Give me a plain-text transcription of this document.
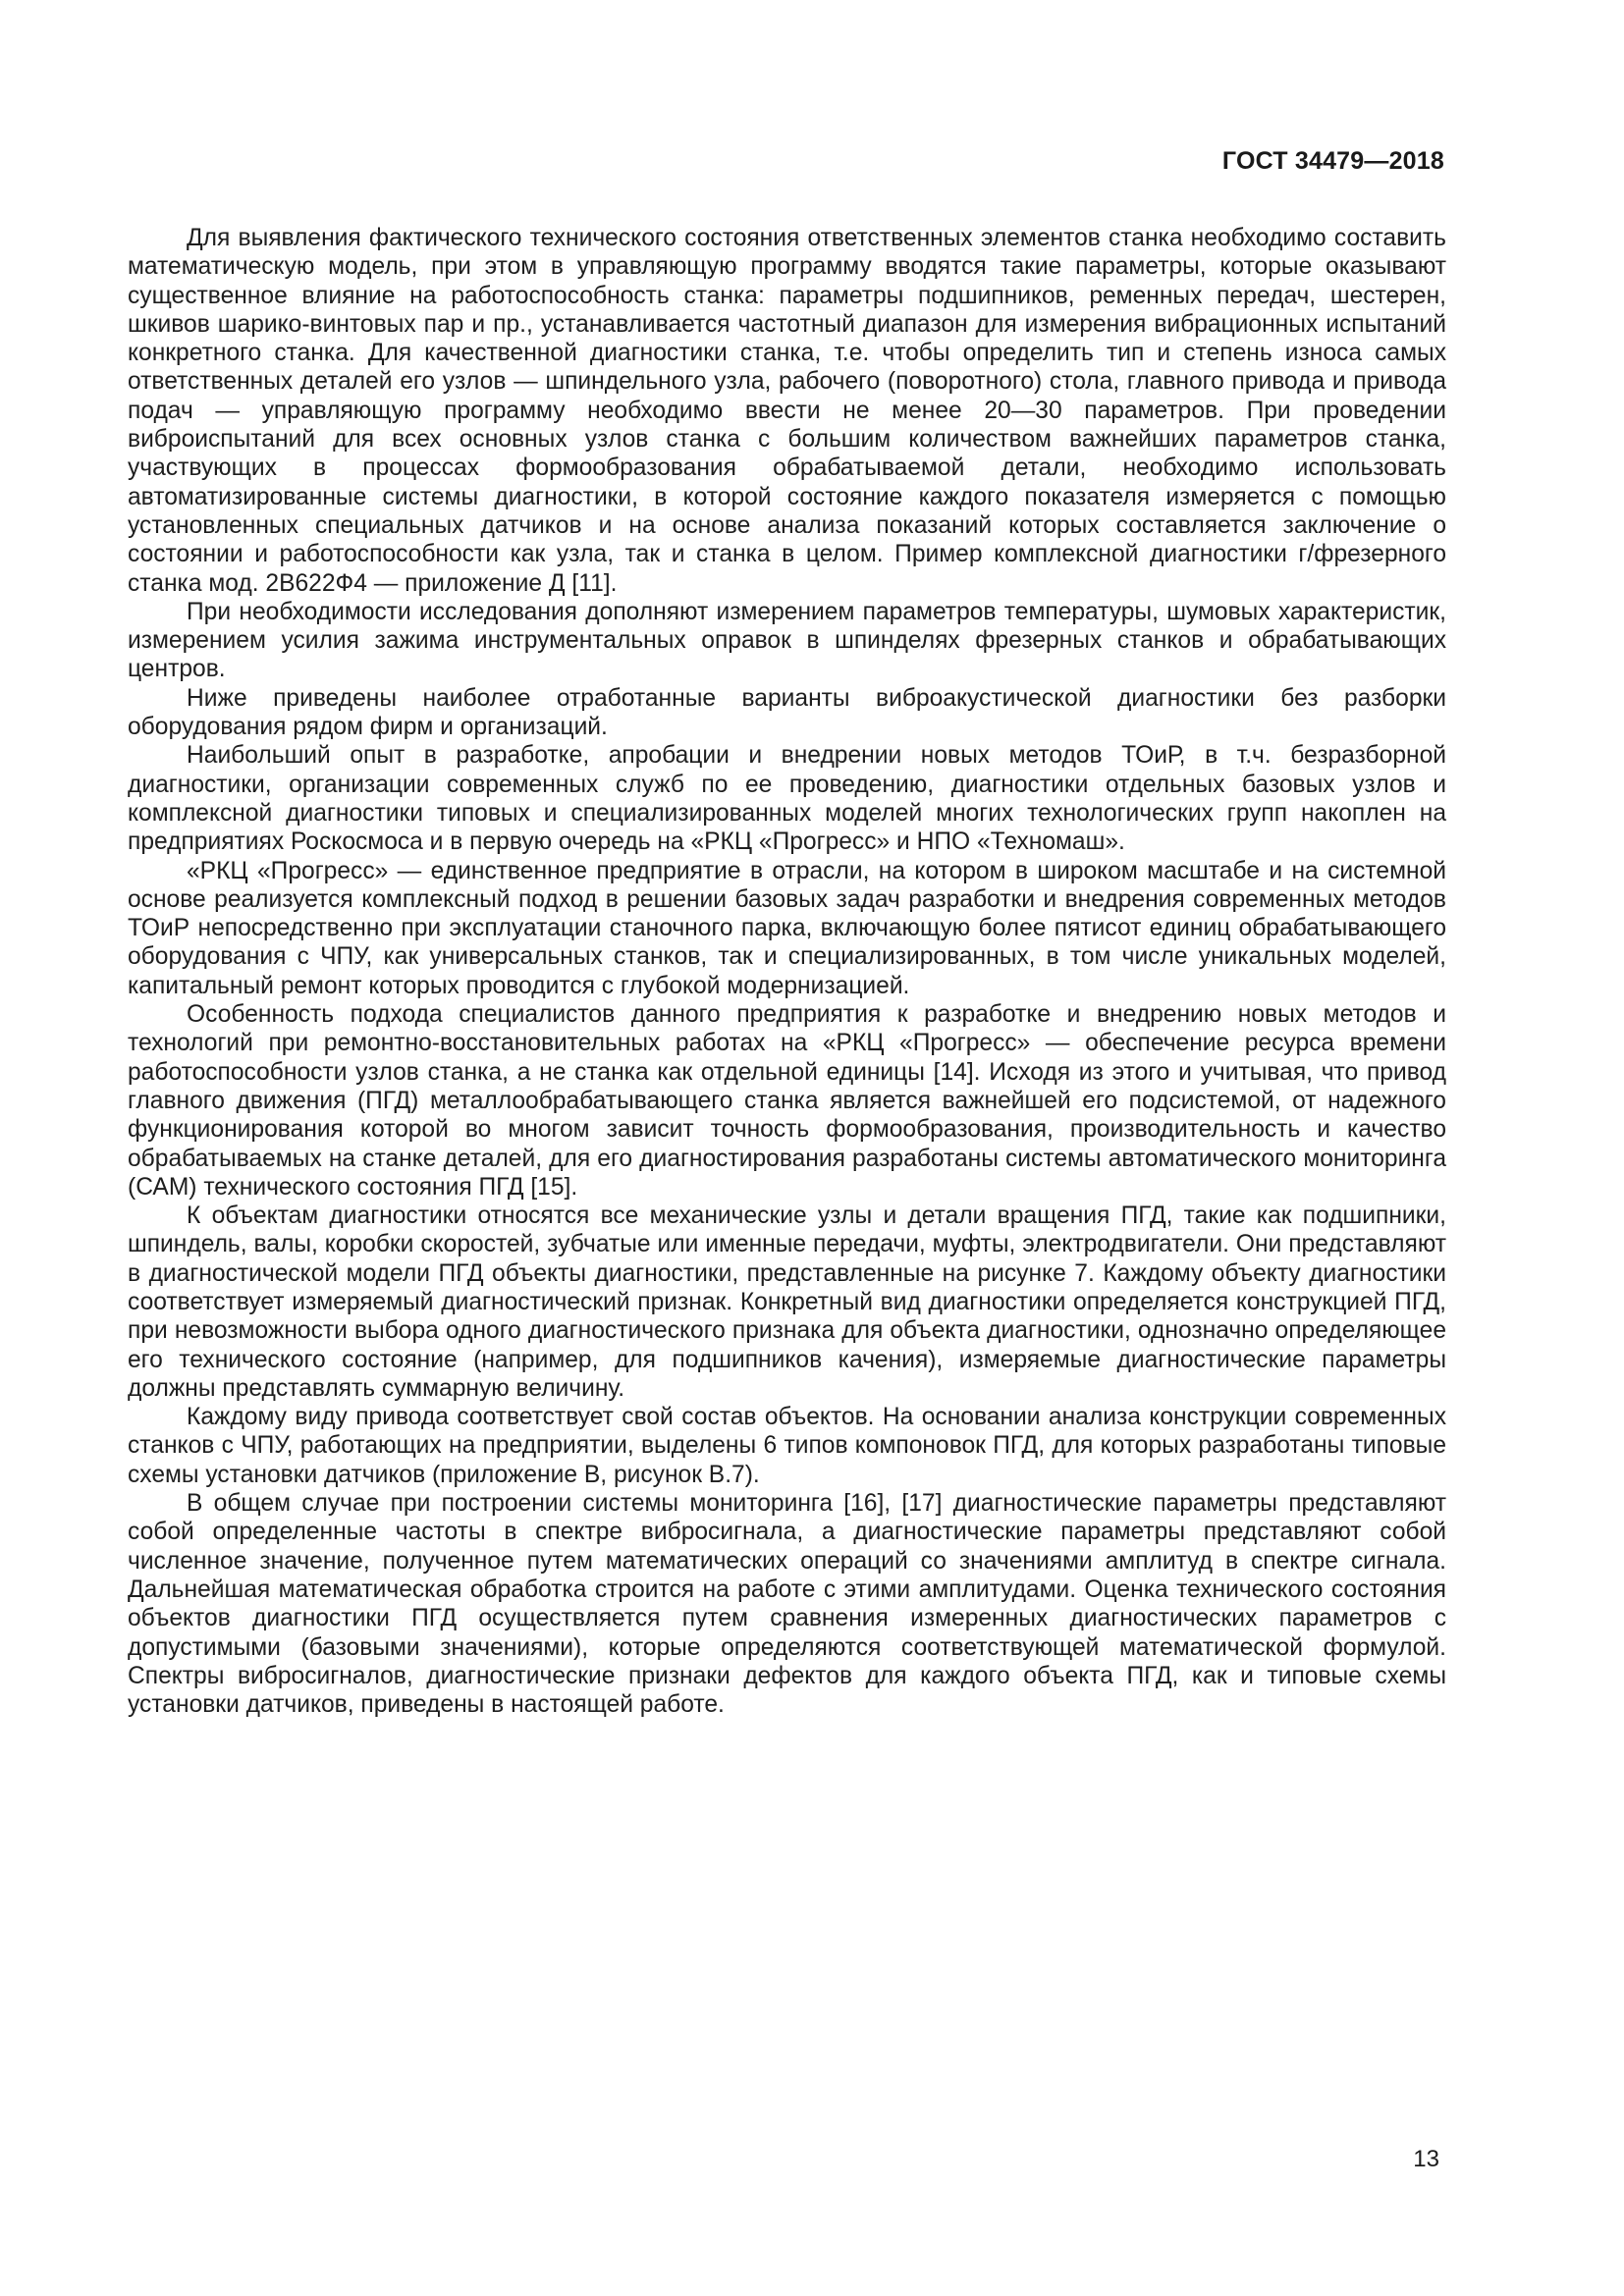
ГОСТ 34479—2018

Для выявления фактического технического состояния ответственных элементов станка необходимо составить математическую модель, при этом в управляющую программу вводятся такие параметры, которые оказывают существенное влияние на работоспособность станка: параметры подшипников, ременных передач, шестерен, шкивов шарико-винтовых пар и пр., устанавливается частотный диапазон для измерения вибрационных испытаний конкретного станка. Для качественной диагностики станка, т.е. чтобы определить тип и степень износа самых ответственных деталей его узлов — шпиндельного узла, рабочего (поворотного) стола, главного привода и привода подач — управляющую программу необходимо ввести не менее 20—30 параметров. При проведении виброиспытаний для всех основных узлов станка с большим количеством важнейших параметров станка, участвующих в процессах формообразования обрабатываемой детали, необходимо использовать автоматизированные системы диагностики, в которой состояние каждого показателя измеряется с помощью установленных специальных датчиков и на основе анализа показаний которых составляется заключение о состоянии и работоспособности как узла, так и станка в целом. Пример комплексной диагностики г/фрезерного станка мод. 2В622Ф4 — приложение Д [11].

При необходимости исследования дополняют измерением параметров температуры, шумовых характеристик, измерением усилия зажима инструментальных оправок в шпинделях фрезерных станков и обрабатывающих центров.

Ниже приведены наиболее отработанные варианты виброакустической диагностики без разборки оборудования рядом фирм и организаций.

Наибольший опыт в разработке, апробации и внедрении новых методов ТОиР, в т.ч. безразборной диагностики, организации современных служб по ее проведению, диагностики отдельных базовых узлов и комплексной диагностики типовых и специализированных моделей многих технологических групп накоплен на предприятиях Роскосмоса и в первую очередь на «РКЦ «Прогресс» и НПО «Техномаш».

«РКЦ «Прогресс» — единственное предприятие в отрасли, на котором в широком масштабе и на системной основе реализуется комплексный подход в решении базовых задач разработки и внедрения современных методов ТОиР непосредственно при эксплуатации станочного парка, включающую более пятисот единиц обрабатывающего оборудования с ЧПУ, как универсальных станков, так и специализированных, в том числе уникальных моделей, капитальный ремонт которых проводится с глубокой модернизацией.

Особенность подхода специалистов данного предприятия к разработке и внедрению новых методов и технологий при ремонтно-восстановительных работах на «РКЦ «Прогресс» — обеспечение ресурса времени работоспособности узлов станка, а не станка как отдельной единицы [14]. Исходя из этого и учитывая, что привод главного движения (ПГД) металлообрабатывающего станка является важнейшей его подсистемой, от надежного функционирования которой во многом зависит точность формообразования, производительность и качество обрабатываемых на станке деталей, для его диагностирования разработаны системы автоматического мониторинга (САМ) технического состояния ПГД [15].

К объектам диагностики относятся все механические узлы и детали вращения ПГД, такие как подшипники, шпиндель, валы, коробки скоростей, зубчатые или именные передачи, муфты, электродвигатели. Они представляют в диагностической модели ПГД объекты диагностики, представленные на рисунке 7. Каждому объекту диагностики соответствует измеряемый диагностический признак. Конкретный вид диагностики определяется конструкцией ПГД, при невозможности выбора одного диагностического признака для объекта диагностики, однозначно определяющее его технического состояние (например, для подшипников качения), измеряемые диагностические параметры должны представлять суммарную величину.

Каждому виду привода соответствует свой состав объектов. На основании анализа конструкции современных станков с ЧПУ, работающих на предприятии, выделены 6 типов компоновок ПГД, для которых разработаны типовые схемы установки датчиков (приложение В, рисунок В.7).

В общем случае при построении системы мониторинга [16], [17] диагностические параметры представляют собой определенные частоты в спектре вибросигнала, а диагностические параметры представляют собой численное значение, полученное путем математических операций со значениями амплитуд в спектре сигнала. Дальнейшая математическая обработка строится на работе с этими амплитудами. Оценка технического состояния объектов диагностики ПГД осуществляется путем сравнения измеренных диагностических параметров с допустимыми (базовыми значениями), которые определяются соответствующей математической формулой. Спектры вибросигналов, диагностические признаки дефектов для каждого объекта ПГД, как и типовые схемы установки датчиков, приведены в настоящей работе.

13
